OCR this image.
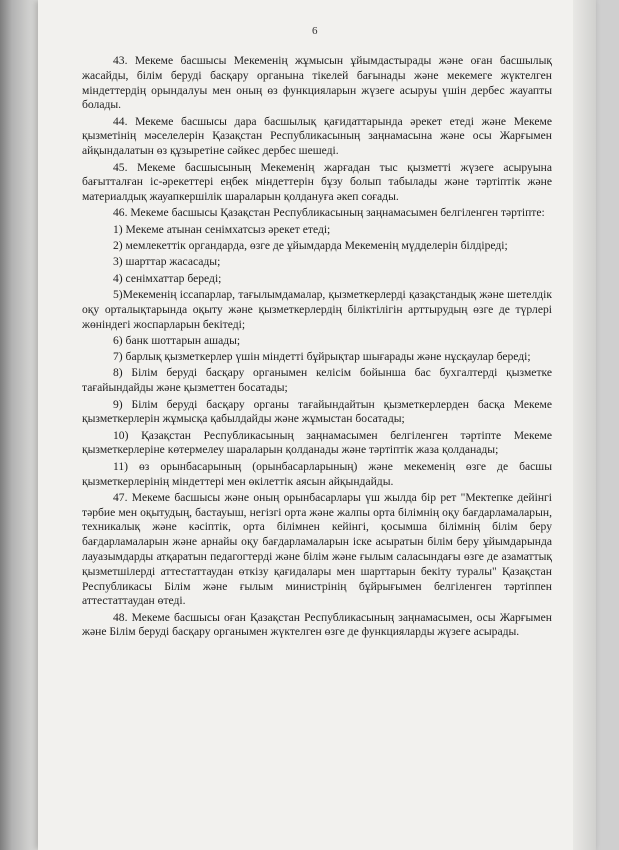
6

43. Мекеме басшысы Мекеменің жұмысын ұйымдастырады және оған басшылық жасайды, білім беруді басқару органына тікелей бағынады және мекемеге жүктелген міндеттердің орындалуы мен оның өз функцияларын жүзеге асыруы үшін дербес жауапты болады.

44. Мекеме басшысы дара басшылық қағидаттарында әрекет етеді және Мекеме қызметінің мәселелерін Қазақстан Республикасының заңнамасына және осы Жарғымен айқындалатын өз құзыретіне сәйкес дербес шешеді.

45. Мекеме басшысының Мекеменің жарғадан тыс қызметті жүзеге асыруына бағытталған іс-әрекеттері еңбек міндеттерін бұзу болып табылады және тәртіптік және материалдық жауапкершілік шараларын қолдануға әкеп соғады.

46. Мекеме басшысы Қазақстан Республикасының заңнамасымен белгіленген тәртіпте:

1) Мекеме атынан сенімхатсыз әрекет етеді;

2) мемлекеттік органдарда, өзге де ұйымдарда Мекеменің мүдделерін білдіреді;

3) шарттар жасасады;

4) сенімхаттар береді;

5)Мекеменің іссапарлар, тағылымдамалар, қызметкерлерді қазақстандық және шетелдік оқу орталықтарында оқыту және қызметкерлердің біліктілігін арттырудың өзге де түрлері жөніндегі жоспарларын бекітеді;

6) банк шоттарын ашады;

7) барлық қызметкерлер үшін міндетті бұйрықтар шығарады және нұсқаулар береді;

8) Білім беруді басқару органымен келісім бойынша бас бухгалтерді қызметке тағайындайды және қызметтен босатады;

9) Білім беруді басқару органы тағайындайтын қызметкерлерден басқа Мекеме қызметкерлерін жұмысқа қабылдайды және жұмыстан босатады;

10) Қазақстан Республикасының заңнамасымен белгіленген тәртіпте Мекеме қызметкерлеріне көтермелеу шараларын қолданады және тәртіптік жаза қолданады;

11) өз орынбасарының (орынбасарларының) және мекеменің өзге де басшы қызметкерлерінің міндеттері мен өкілеттік аясын айқындайды.

47. Мекеме басшысы және оның орынбасарлары үш жылда бір рет "Мектепке дейінгі тәрбие мен оқытудың, бастауыш, негізгі орта және жалпы орта білімнің оқу бағдарламаларын, техникалық және кәсіптік, орта білімнен кейінгі, қосымша білімнің білім беру бағдарламаларын және арнайы оқу бағдарламаларын іске асыратын білім беру ұйымдарында лауазымдарды атқаратын педагогтерді және білім және ғылым саласындағы өзге де азаматтық қызметшілерді аттестаттаудан өткізу қағидалары мен шарттарын бекіту туралы" Қазақстан Республикасы Білім және ғылым министрінің бұйрығымен белгіленген тәртіппен аттестаттаудан өтеді.

48. Мекеме басшысы оған Қазақстан Республикасының заңнамасымен, осы Жарғымен және Білім беруді басқару органымен жүктелген өзге де функцияларды жүзеге асырады.
